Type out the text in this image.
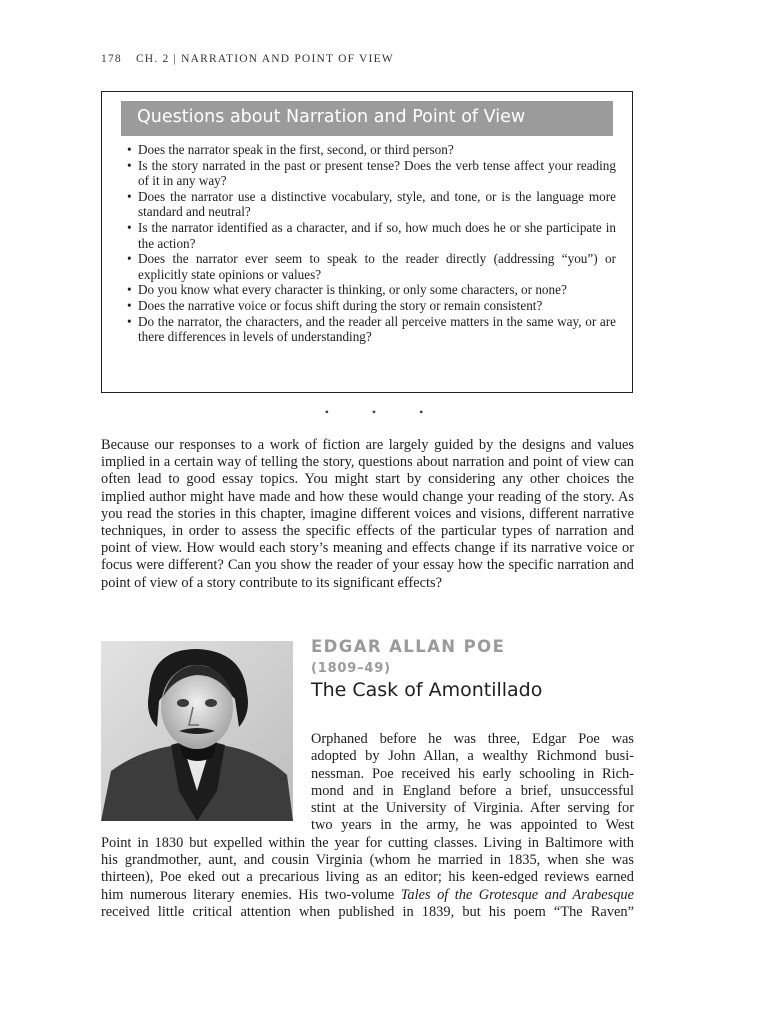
178 CH. 2 | NARRATION AND POINT OF VIEW
Questions about Narration and Point of View
• Does the narrator speak in the first, second, or third person?
• Is the story narrated in the past or present tense? Does the verb tense affect your reading of it in any way?
• Does the narrator use a distinctive vocabulary, style, and tone, or is the language more standard and neutral?
• Is the narrator identified as a character, and if so, how much does he or she participate in the action?
• Does the narrator ever seem to speak to the reader directly (addressing “you”) or explicitly state opinions or values?
• Do you know what every character is thinking, or only some characters, or none?
• Does the narrative voice or focus shift during the story or remain consistent?
• Do the narrator, the characters, and the reader all perceive matters in the same way, or are there differences in levels of understanding?
• • •

Because our responses to a work of fiction are largely guided by the designs and values implied in a certain way of telling the story, questions about narration and point of view can often lead to good essay topics. You might start by considering any other choices the implied author might have made and how these would change your reading of the story. As you read the stories in this chapter, imagine different voices and visions, different narrative techniques, in order to assess the specific effects of the particular types of narration and point of view. How would each story’s meaning and effects change if its narrative voice or focus were different? Can you show the reader of your essay how the specific narration and point of view of a story contribute to its significant effects?

EDGAR ALLAN POE
(1809–49)
The Cask of Amontillado
Orphaned before he was three, Edgar Poe was
adopted by John Allan, a wealthy Richmond busi-
nessman. Poe received his early schooling in Rich-
mond and in England before a brief, unsuccessful
stint at the University of Virginia. After serving for
two years in the army, he was appointed to West
Point in 1830 but expelled within the year for cutting classes. Living in Baltimore with
his grandmother, aunt, and cousin Virginia (whom he married in 1835, when she was
thirteen), Poe eked out a precarious living as an editor; his keen-edged reviews earned
him numerous literary enemies. His two-volume Tales of the Grotesque and Arabesque
received little critical attention when published in 1839, but his poem “The Raven”
